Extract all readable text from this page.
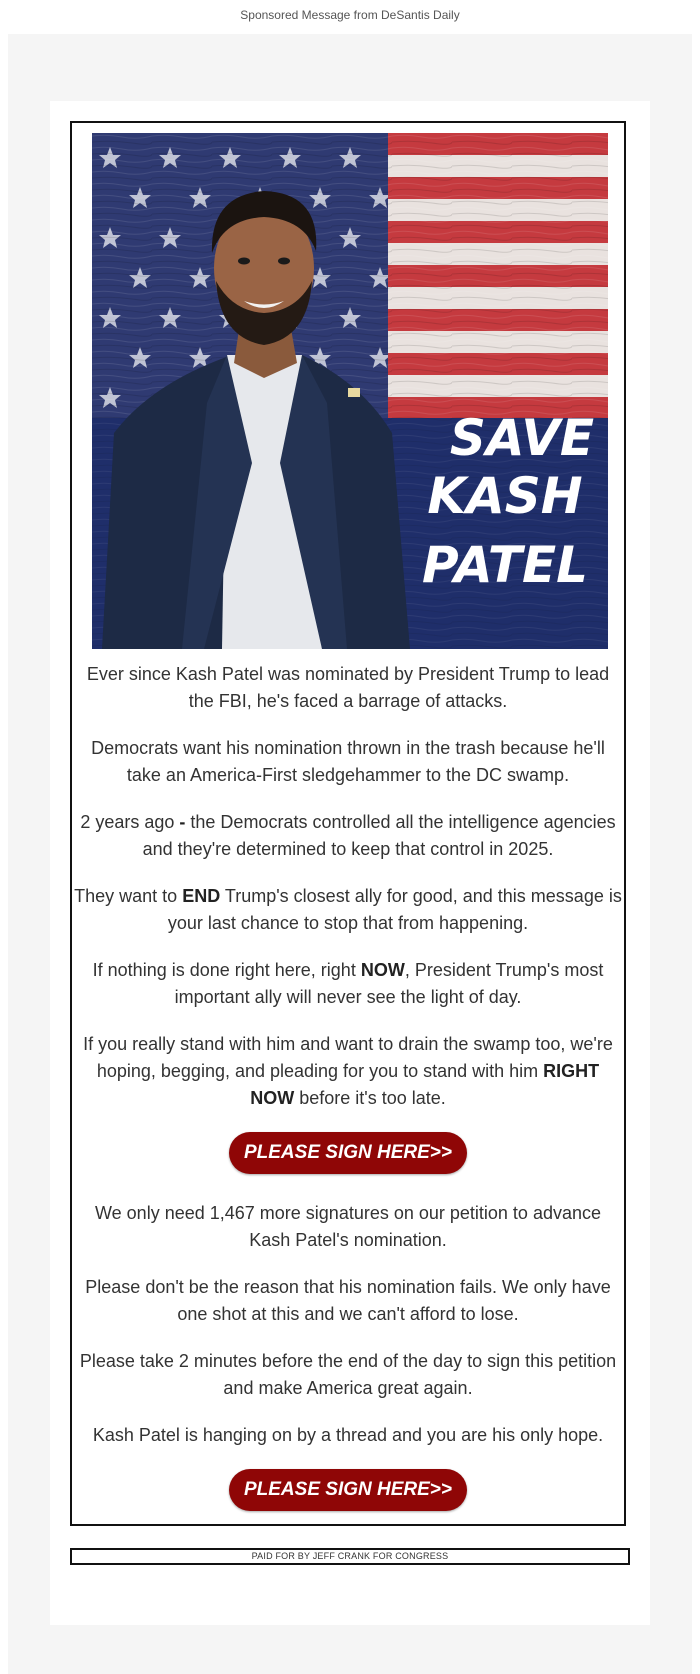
Sponsored Message from DeSantis Daily
SAVE
KASH
PATEL

Ever since Kash Patel was nominated by President Trump to lead the FBI, he's faced a barrage of attacks.

Democrats want his nomination thrown in the trash because he'll take an America-First sledgehammer to the DC swamp.

2 years ago - the Democrats controlled all the intelligence agencies and they're determined to keep that control in 2025.

They want to END Trump's closest ally for good, and this message is your last chance to stop that from happening.

If nothing is done right here, right NOW, President Trump's most important ally will never see the light of day.

If you really stand with him and want to drain the swamp too, we're hoping, begging, and pleading for you to stand with him RIGHT NOW before it's too late.

PLEASE SIGN HERE>>

We only need 1,467 more signatures on our petition to advance Kash Patel's nomination.

Please don't be the reason that his nomination fails. We only have one shot at this and we can't afford to lose.

Please take 2 minutes before the end of the day to sign this petition and make America great again.

Kash Patel is hanging on by a thread and you are his only hope.

PLEASE SIGN HERE>>
PAID FOR BY JEFF CRANK FOR CONGRESS
